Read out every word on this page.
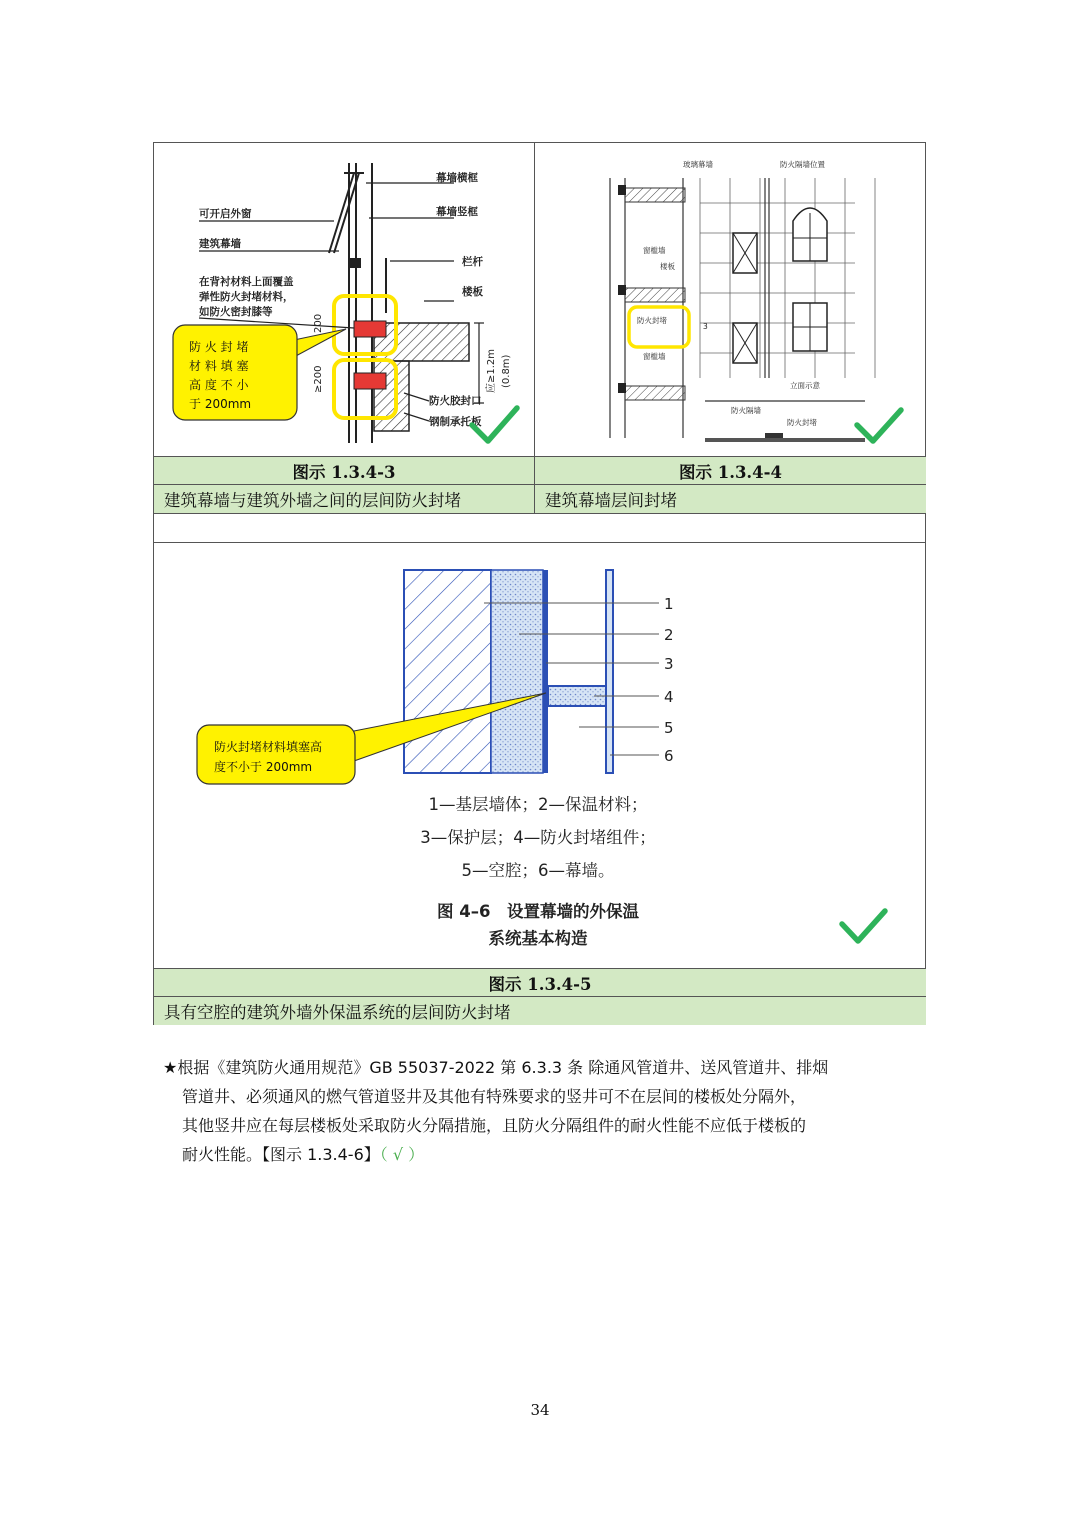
幕墙横框
幕墙竖框
可开启外窗
建筑幕墙
栏杆
在背衬材料上面覆盖
弹性防火封堵材料，
如防火密封膝等
楼板
防火胶封口
钢制承托板
200
≥200	应≥1.2m (0.8m)
防 火 封 堵
材 料 填 塞
高 度 不 小
于 200mm
玻璃幕墙	防火隔墙位置
窗槛墙
楼板
防火封堵
窗槛墙
3
立面示意
防火隔墙
防火封堵
图示 1.3.4-3	图示 1.3.4-4
建筑幕墙与建筑外墙之间的层间防火封堵	建筑幕墙层间封堵
1
2
3
4
5
6
防火封堵材料填塞高
度不小于 200mm
1—基层墙体；2—保温材料；
3—保护层；4—防火封堵组件；
5—空腔；6—幕墙。
图 4–6　设置幕墙的外保温
系统基本构造
图示 1.3.4-5
具有空腔的建筑外墙外保温系统的层间防火封堵
★根据《建筑防火通用规范》GB 55037-2022 第 6.3.3 条 除通风管道井、送风管道井、排烟
管道井、必须通风的燃气管道竖井及其他有特殊要求的竖井可不在层间的楼板处分隔外，
其他竖井应在每层楼板处采取防火分隔措施，且防火分隔组件的耐火性能不应低于楼板的
耐火性能。【图示 1.3.4-6】（ √ ）
34
